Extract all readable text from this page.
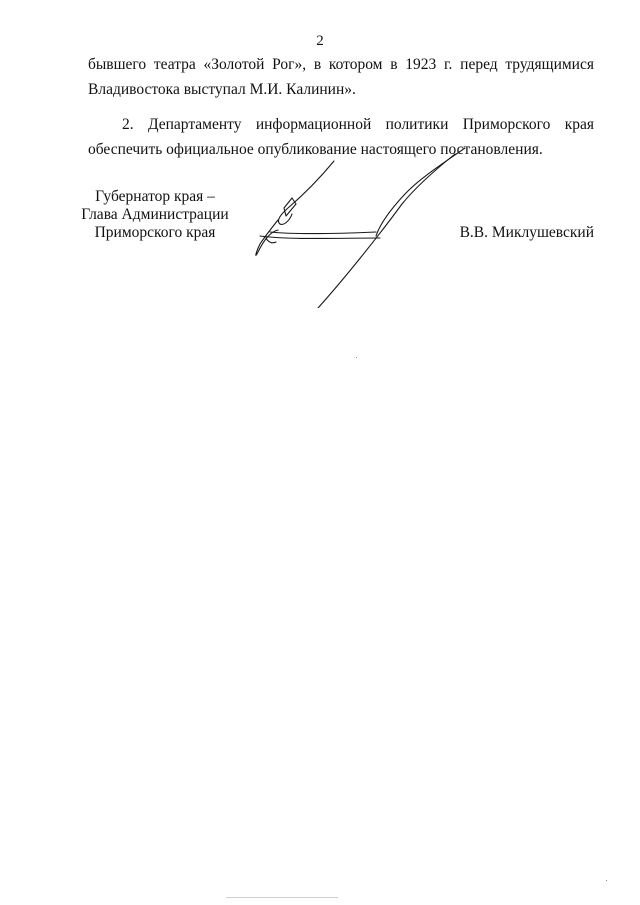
2

бывшего театра «Золотой Рог», в котором в 1923 г. перед трудящимися
Владивостока выступал М.И. Калинин».

2. Департаменту информационной политики Приморского края
обеспечить официальное опубликование настоящего постановления.

Губернатор края –
Глава Администрации
Приморского края	В.В. Миклушевский
